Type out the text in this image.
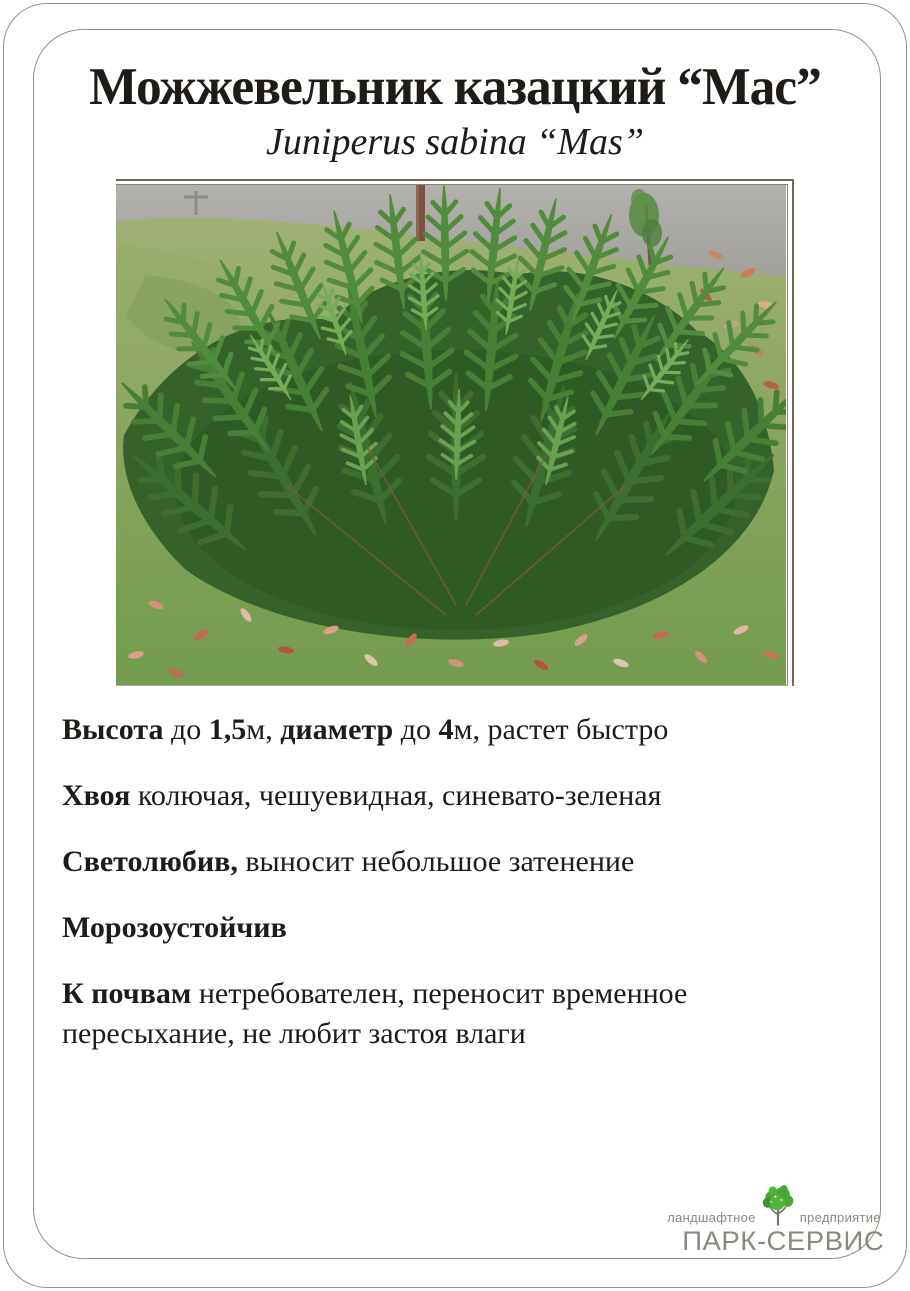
Можжевельник казацкий “Мас”
Juniperus sabina “Mas”

Высота до 1,5м, диаметр до 4м, растет быстро

Хвоя колючая, чешуевидная, синевато-зеленая

Светолюбив, выносит небольшое затенение

Морозоустойчив

К почвам нетребователен, переносит временное пересыхание, не любит застоя влаги

ландшафтное	предприятие
ПАРК-СЕРВИС
